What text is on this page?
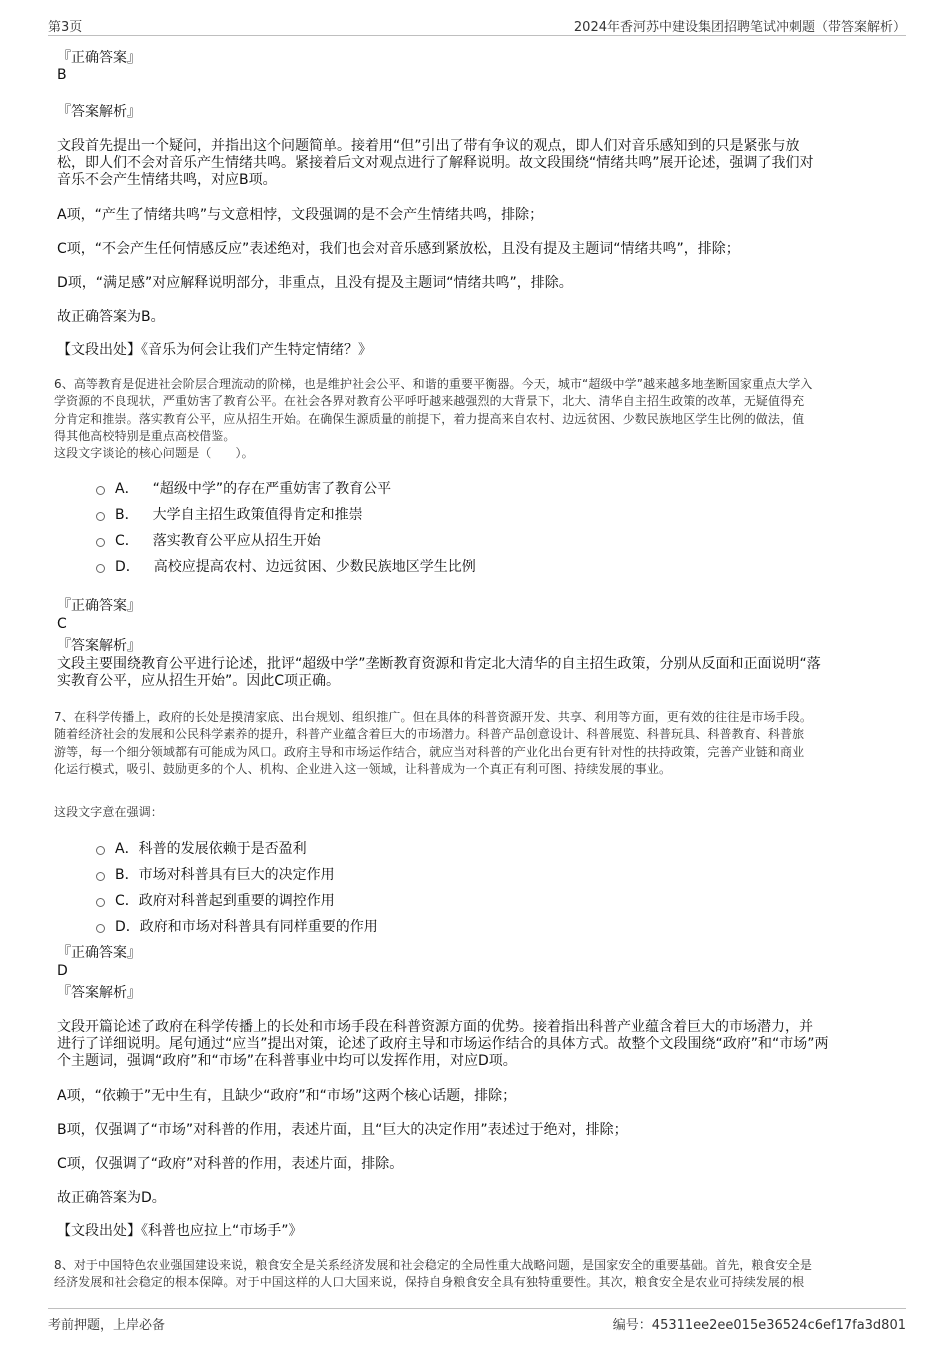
第3页	2024年香河苏中建设集团招聘笔试冲刺题（带答案解析）
『正确答案』
B
『答案解析』
文段首先提出一个疑问，并指出这个问题简单。接着用“但”引出了带有争议的观点，即人们对音乐感知到的只是紧张与放
松，即人们不会对音乐产生情绪共鸣。紧接着后文对观点进行了解释说明。故文段围绕“情绪共鸣”展开论述，强调了我们对
音乐不会产生情绪共鸣，对应B项。
A项，“产生了情绪共鸣”与文意相悖，文段强调的是不会产生情绪共鸣，排除；
C项，“不会产生任何情感反应”表述绝对，我们也会对音乐感到紧放松，且没有提及主题词“情绪共鸣”，排除；
D项，“满足感”对应解释说明部分，非重点，且没有提及主题词“情绪共鸣”，排除。
故正确答案为B。
【文段出处】《音乐为何会让我们产生特定情绪？》
6、高等教育是促进社会阶层合理流动的阶梯，也是维护社会公平、和谐的重要平衡器。今天，城市“超级中学”越来越多地垄断国家重点大学入
学资源的不良现状，严重妨害了教育公平。在社会各界对教育公平呼吁越来越强烈的大背景下，北大、清华自主招生政策的改革，无疑值得充
分肯定和推崇。落实教育公平，应从招生开始。在确保生源质量的前提下，着力提高来自农村、边远贫困、少数民族地区学生比例的做法，值
得其他高校特别是重点高校借鉴。
这段文字谈论的核心问题是（　　）。
A． “超级中学”的存在严重妨害了教育公平
B． 大学自主招生政策值得肯定和推崇
C． 落实教育公平应从招生开始
D． 高校应提高农村、边远贫困、少数民族地区学生比例
『正确答案』
C
『答案解析』
文段主要围绕教育公平进行论述，批评“超级中学”垄断教育资源和肯定北大清华的自主招生政策，分别从反面和正面说明“落
实教育公平，应从招生开始”。因此C项正确。
7、在科学传播上，政府的长处是摸清家底、出台规划、组织推广。但在具体的科普资源开发、共享、利用等方面，更有效的往往是市场手段。
随着经济社会的发展和公民科学素养的提升，科普产业蕴含着巨大的市场潜力。科普产品创意设计、科普展览、科普玩具、科普教育、科普旅
游等，每一个细分领域都有可能成为风口。政府主导和市场运作结合，就应当对科普的产业化出台更有针对性的扶持政策，完善产业链和商业
化运行模式，吸引、鼓励更多的个人、机构、企业进入这一领域，让科普成为一个真正有利可图、持续发展的事业。
这段文字意在强调：
A． 科普的发展依赖于是否盈利
B． 市场对科普具有巨大的决定作用
C． 政府对科普起到重要的调控作用
D． 政府和市场对科普具有同样重要的作用
『正确答案』
D
『答案解析』
文段开篇论述了政府在科学传播上的长处和市场手段在科普资源方面的优势。接着指出科普产业蕴含着巨大的市场潜力，并
进行了详细说明。尾句通过“应当”提出对策，论述了政府主导和市场运作结合的具体方式。故整个文段围绕“政府”和“市场”两
个主题词，强调“政府”和“市场”在科普事业中均可以发挥作用，对应D项。
A项，“依赖于”无中生有，且缺少“政府”和“市场”这两个核心话题，排除；
B项，仅强调了“市场”对科普的作用，表述片面，且“巨大的决定作用”表述过于绝对，排除；
C项，仅强调了“政府”对科普的作用，表述片面，排除。
故正确答案为D。
【文段出处】《科普也应拉上“市场手”》
8、对于中国特色农业强国建设来说，粮食安全是关系经济发展和社会稳定的全局性重大战略问题，是国家安全的重要基础。首先，粮食安全是
经济发展和社会稳定的根本保障。对于中国这样的人口大国来说，保持自身粮食安全具有独特重要性。其次，粮食安全是农业可持续发展的根
考前押题，上岸必备	编号：45311ee2ee015e36524c6ef17fa3d801
